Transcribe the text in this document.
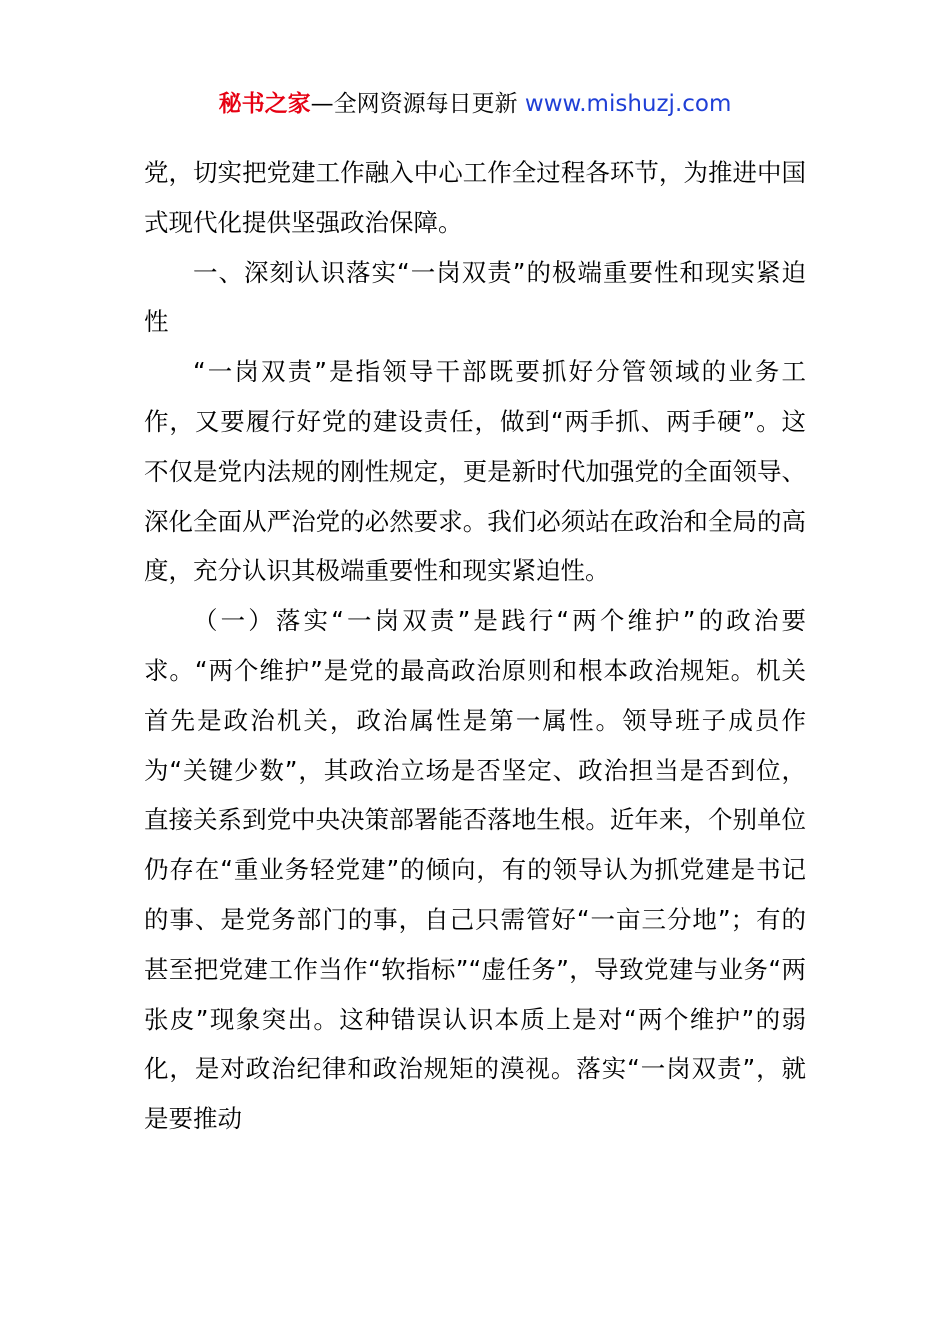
秘书之家—全网资源每日更新 www.mishuzj.com

党，切实把党建工作融入中心工作全过程各环节，为推进中国式现代化提供坚强政治保障。

一、深刻认识落实“一岗双责”的极端重要性和现实紧迫性

“一岗双责”是指领导干部既要抓好分管领域的业务工作，又要履行好党的建设责任，做到“两手抓、两手硬”。这不仅是党内法规的刚性规定，更是新时代加强党的全面领导、深化全面从严治党的必然要求。我们必须站在政治和全局的高度，充分认识其极端重要性和现实紧迫性。

（一）落实“一岗双责”是践行“两个维护”的政治要求。“两个维护”是党的最高政治原则和根本政治规矩。机关首先是政治机关，政治属性是第一属性。领导班子成员作为“关键少数”，其政治立场是否坚定、政治担当是否到位，直接关系到党中央决策部署能否落地生根。近年来，个别单位仍存在“重业务轻党建”的倾向，有的领导认为抓党建是书记的事、是党务部门的事，自己只需管好“一亩三分地”；有的甚至把党建工作当作“软指标”“虚任务”，导致党建与业务“两张皮”现象突出。这种错误认识本质上是对“两个维护”的弱化，是对政治纪律和政治规矩的漠视。落实“一岗双责”，就是要推动
